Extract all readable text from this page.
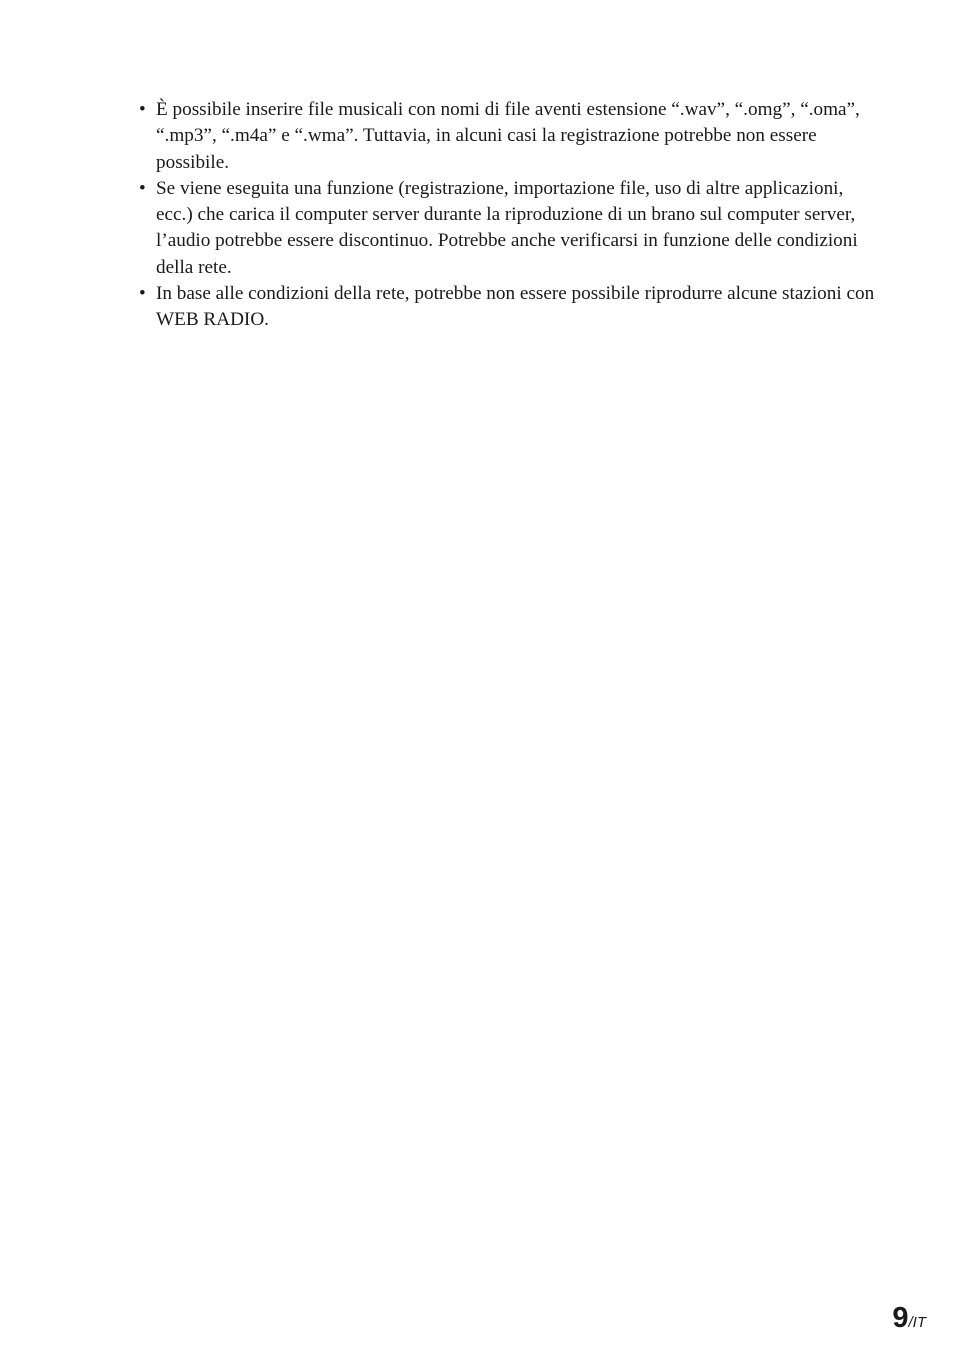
• È possibile inserire file musicali con nomi di file aventi estensione “.wav”, “.omg”, “.oma”, “.mp3”, “.m4a” e “.wma”. Tuttavia, in alcuni casi la registrazione potrebbe non essere possibile.
• Se viene eseguita una funzione (registrazione, importazione file, uso di altre applicazioni, ecc.) che carica il computer server durante la riproduzione di un brano sul computer server, l’audio potrebbe essere discontinuo. Potrebbe anche verificarsi in funzione delle condizioni della rete.
• In base alle condizioni della rete, potrebbe non essere possibile riprodurre alcune stazioni con WEB RADIO.
9/IT
